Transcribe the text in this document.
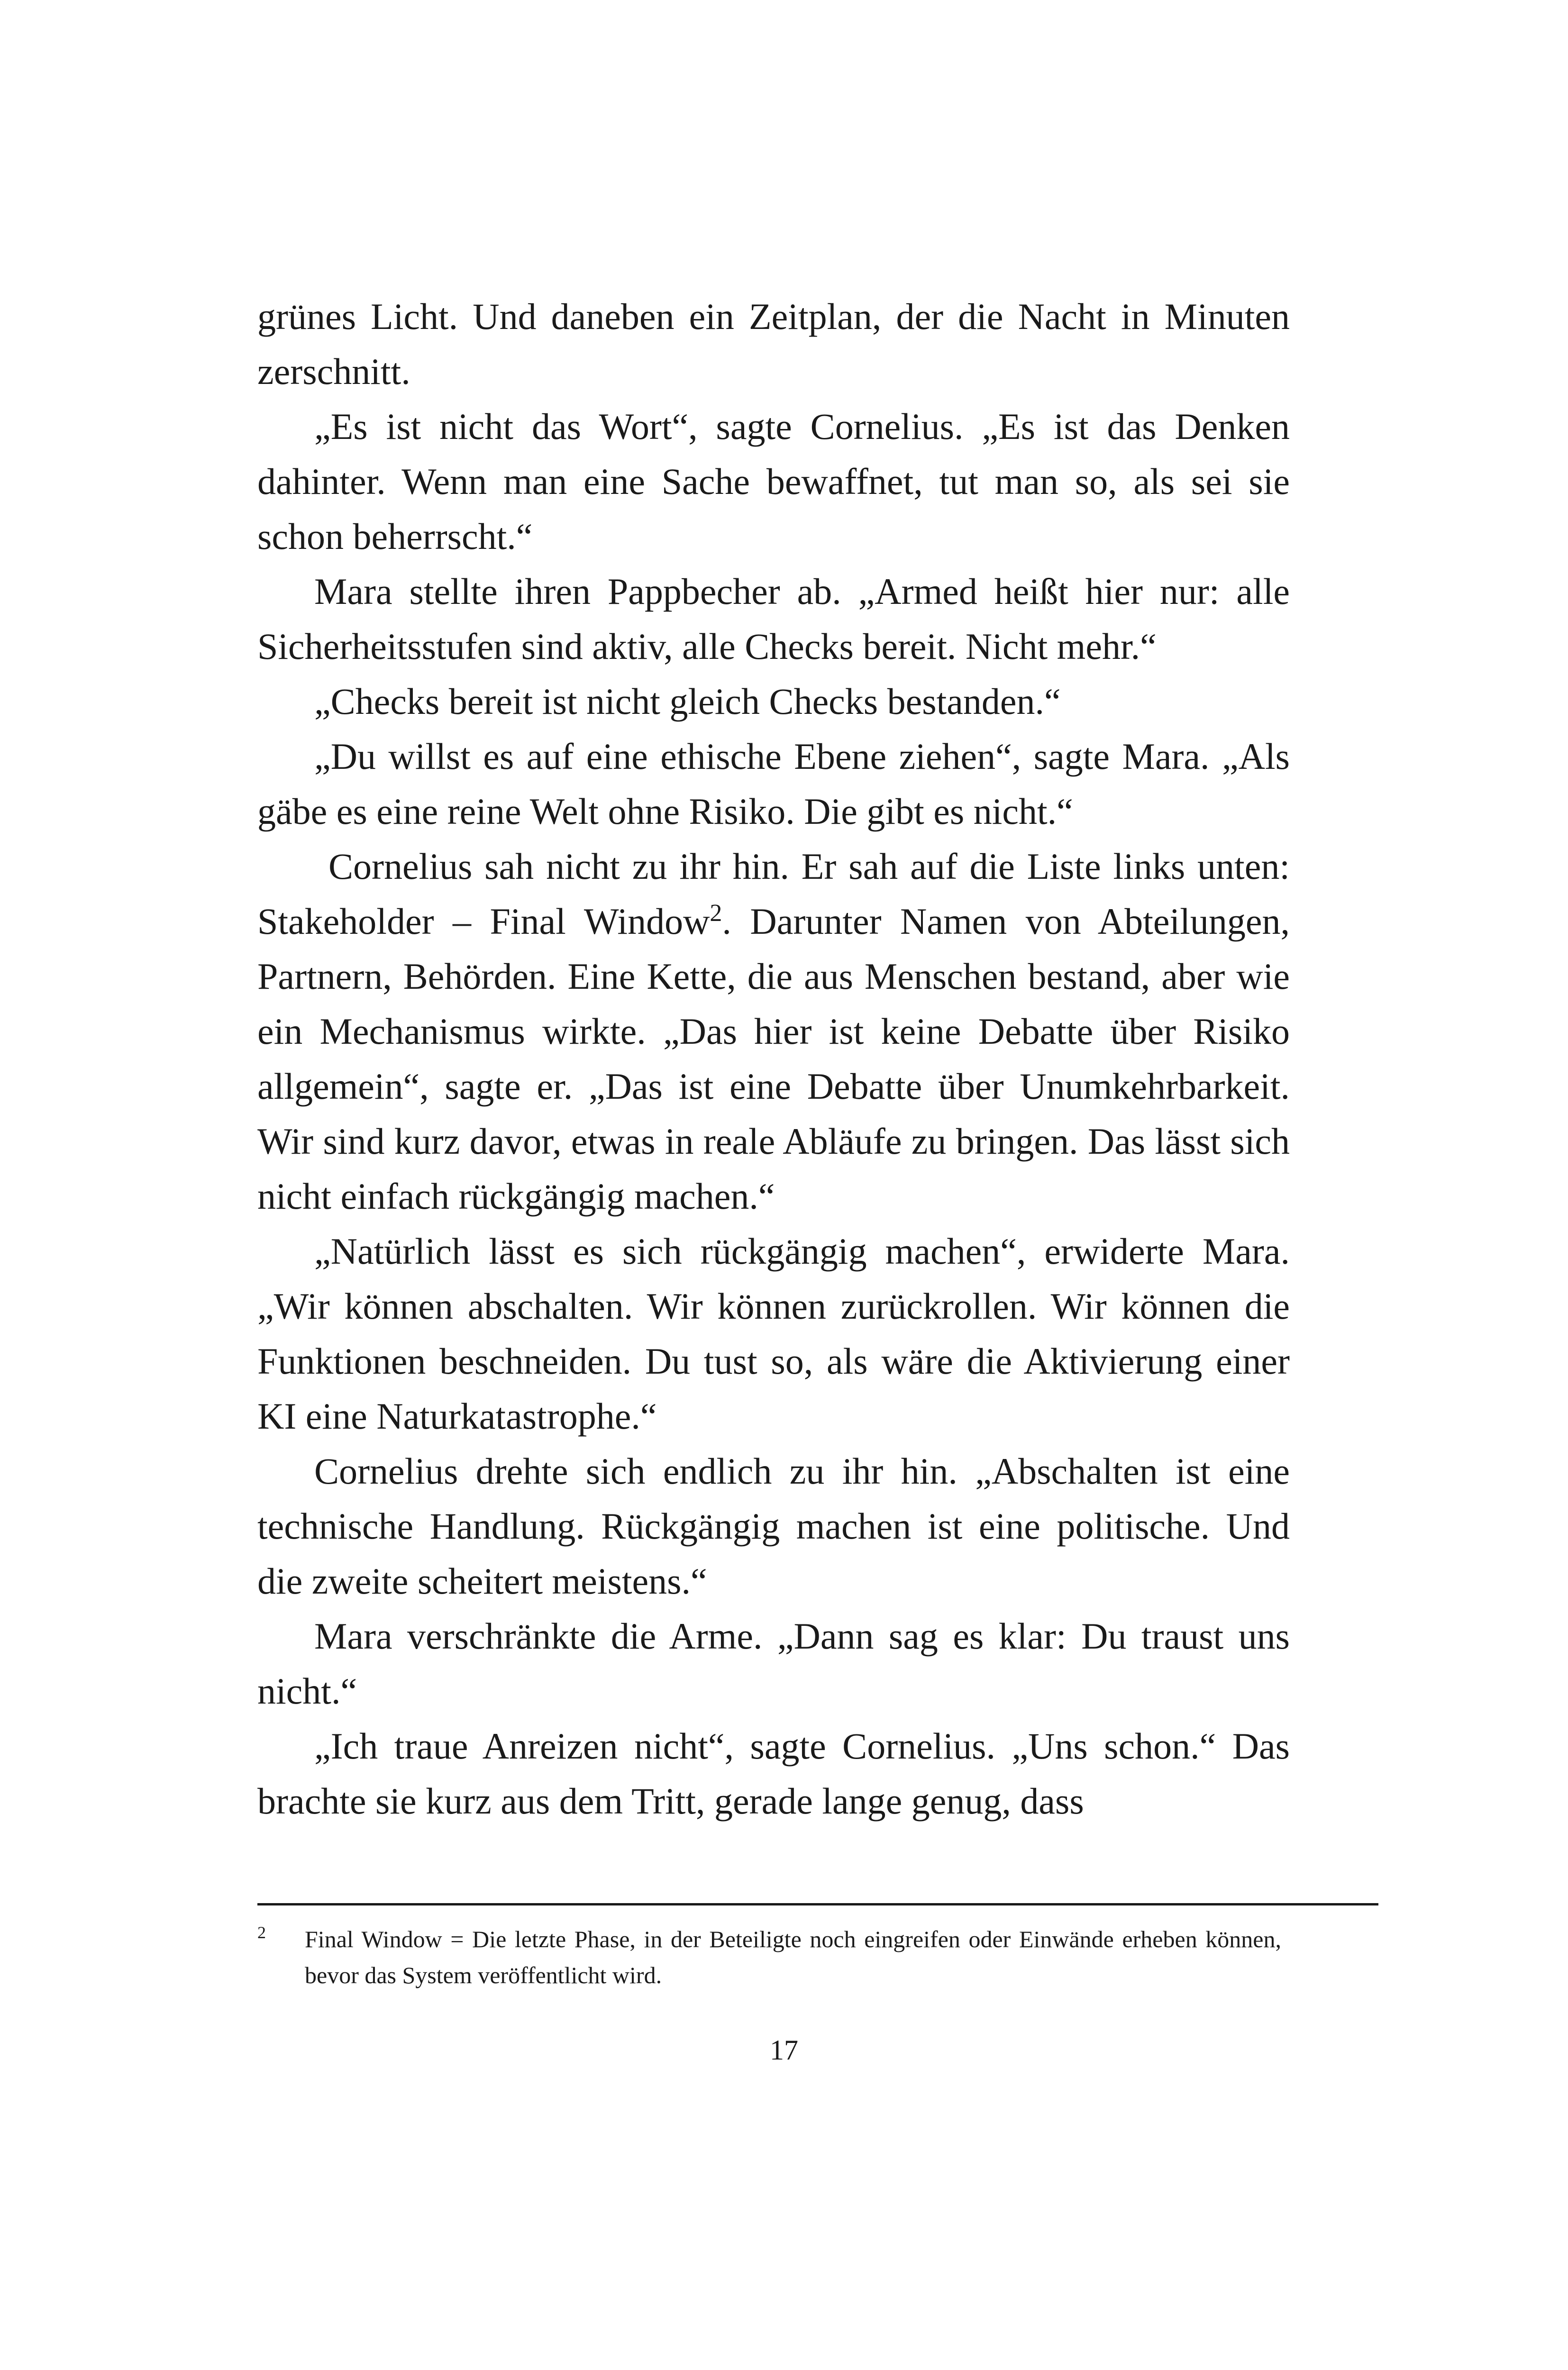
grünes Licht. Und daneben ein Zeitplan, der die Nacht in Minuten zerschnitt.

„Es ist nicht das Wort“, sagte Cornelius. „Es ist das Denken dahinter. Wenn man eine Sache bewaffnet, tut man so, als sei sie schon beherrscht.“

Mara stellte ihren Pappbecher ab. „Armed heißt hier nur: alle Sicherheitsstufen sind aktiv, alle Checks bereit. Nicht mehr.“

„Checks bereit ist nicht gleich Checks bestanden.“

„Du willst es auf eine ethische Ebene ziehen“, sagte Mara. „Als gäbe es eine reine Welt ohne Risiko. Die gibt es nicht.“

Cornelius sah nicht zu ihr hin. Er sah auf die Liste links unten: Stakeholder – Final Window$^2$. Darunter Namen von Abteilungen, Partnern, Behörden. Eine Kette, die aus Menschen bestand, aber wie ein Mechanismus wirkte. „Das hier ist keine Debatte über Risiko allgemein“, sagte er. „Das ist eine Debatte über Unumkehrbarkeit. Wir sind kurz davor, etwas in reale Abläufe zu bringen. Das lässt sich nicht einfach rückgängig machen.“

„Natürlich lässt es sich rückgängig machen“, erwiderte Mara. „Wir können abschalten. Wir können zurückrollen. Wir können die Funktionen beschneiden. Du tust so, als wäre die Aktivierung einer KI eine Naturkatastrophe.“

Cornelius drehte sich endlich zu ihr hin. „Abschalten ist eine technische Handlung. Rückgängig machen ist eine politische. Und die zweite scheitert meistens.“

Mara verschränkte die Arme. „Dann sag es klar: Du traust uns nicht.“

„Ich traue Anreizen nicht“, sagte Cornelius. „Uns schon.“ Das brachte sie kurz aus dem Tritt, gerade lange genug, dass

2 Final Window = Die letzte Phase, in der Beteiligte noch eingreifen oder Einwände erheben können, bevor das System veröffentlicht wird.
17
